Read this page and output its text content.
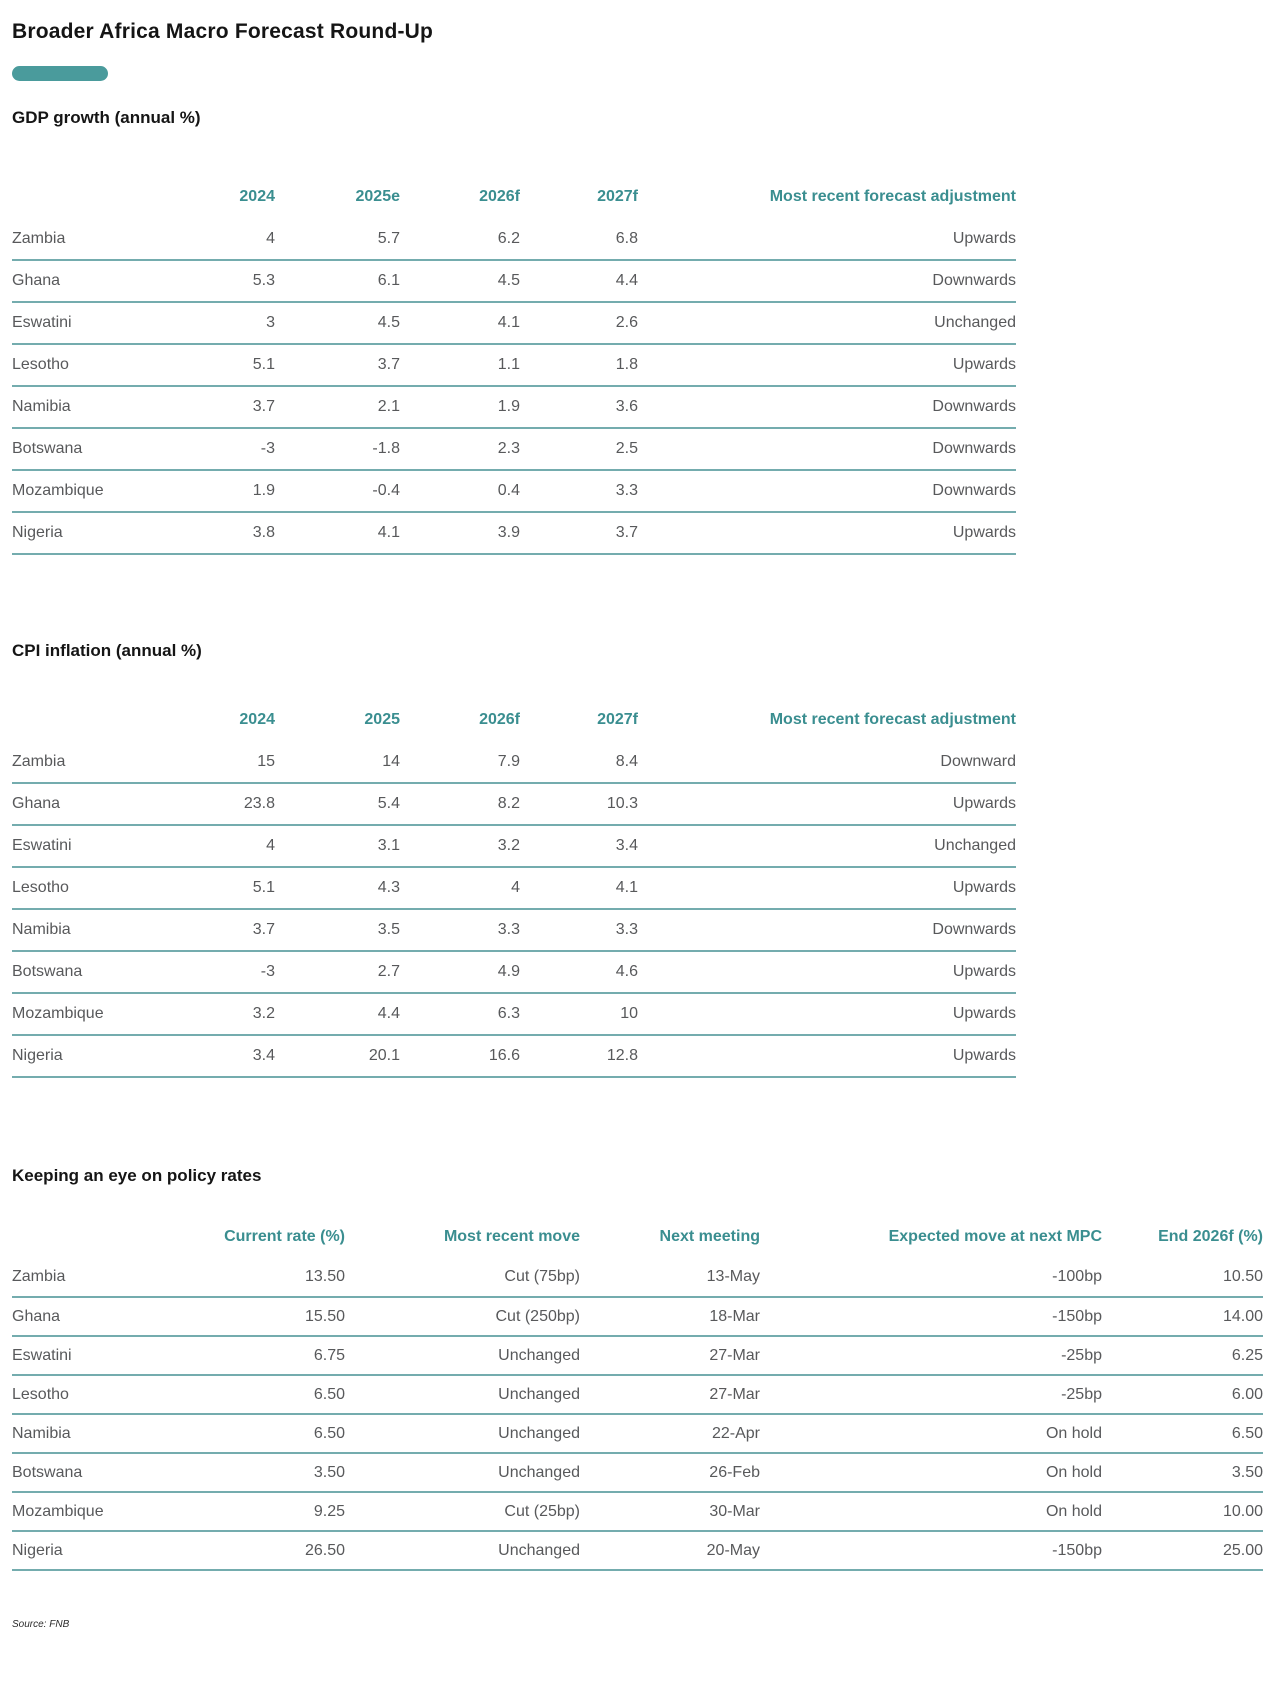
Broader Africa Macro Forecast Round-Up
GDP growth (annual %)
	2024	2025e	2026f	2027f	Most recent forecast adjustment
Zambia	4	5.7	6.2	6.8	Upwards
Ghana	5.3	6.1	4.5	4.4	Downwards
Eswatini	3	4.5	4.1	2.6	Unchanged
Lesotho	5.1	3.7	1.1	1.8	Upwards
Namibia	3.7	2.1	1.9	3.6	Downwards
Botswana	-3	-1.8	2.3	2.5	Downwards
Mozambique	1.9	-0.4	0.4	3.3	Downwards
Nigeria	3.8	4.1	3.9	3.7	Upwards
CPI inflation (annual %)
	2024	2025	2026f	2027f	Most recent forecast adjustment
Zambia	15	14	7.9	8.4	Downward
Ghana	23.8	5.4	8.2	10.3	Upwards
Eswatini	4	3.1	3.2	3.4	Unchanged
Lesotho	5.1	4.3	4	4.1	Upwards
Namibia	3.7	3.5	3.3	3.3	Downwards
Botswana	-3	2.7	4.9	4.6	Upwards
Mozambique	3.2	4.4	6.3	10	Upwards
Nigeria	3.4	20.1	16.6	12.8	Upwards
Keeping an eye on policy rates
	Current rate (%)	Most recent move	Next meeting	Expected move at next MPC	End 2026f (%)
Zambia	13.50	Cut (75bp)	13-May	-100bp	10.50
Ghana	15.50	Cut (250bp)	18-Mar	-150bp	14.00
Eswatini	6.75	Unchanged	27-Mar	-25bp	6.25
Lesotho	6.50	Unchanged	27-Mar	-25bp	6.00
Namibia	6.50	Unchanged	22-Apr	On hold	6.50
Botswana	3.50	Unchanged	26-Feb	On hold	3.50
Mozambique	9.25	Cut (25bp)	30-Mar	On hold	10.00
Nigeria	26.50	Unchanged	20-May	-150bp	25.00
Source: FNB
